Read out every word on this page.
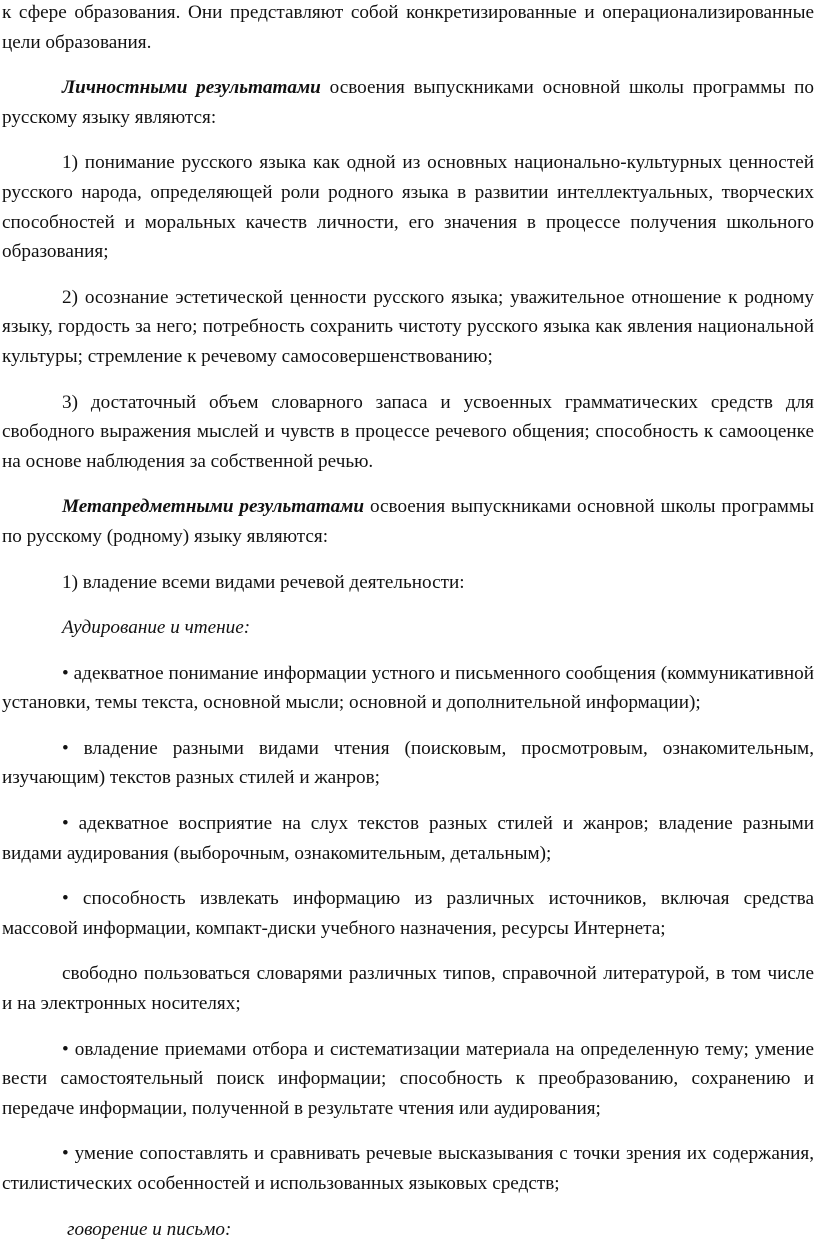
к сфере образования. Они представляют собой конкретизированные и операционализированные цели образования.

Личностными результатами освоения выпускниками основной школы программы по русскому языку являются:

1) понимание русского языка как одной из основных национально-культурных ценностей русского народа, определяющей роли родного языка в развитии интеллектуальных, творческих способностей и моральных качеств личности, его значения в процессе получения школьного образования;

2) осознание эстетической ценности русского языка; уважительное отношение к родному языку, гордость за него; потребность сохранить чистоту русского языка как явления национальной культуры; стремление к речевому самосовершенствованию;

3) достаточный объем словарного запаса и усвоенных грамматических средств для свободного выражения мыслей и чувств в процессе речевого общения; способность к самооценке на основе наблюдения за собственной речью.

Метапредметными результатами освоения выпускниками основной школы программы по русскому (родному) языку являются:

1) владение всеми видами речевой деятельности:

Аудирование и чтение:

• адекватное понимание информации устного и письменного сообщения (коммуникативной установки, темы текста, основной мысли; основной и дополнительной информации);

• владение разными видами чтения (поисковым, просмотровым, ознакомительным, изучающим) текстов разных стилей и жанров;

• адекватное восприятие на слух текстов разных стилей и жанров; владение разными видами аудирования (выборочным, ознакомительным, детальным);

• способность извлекать информацию из различных источников, включая средства массовой информации, компакт-диски учебного назначения, ресурсы Интернета;

свободно пользоваться словарями различных типов, справочной литературой, в том числе и на электронных носителях;

• овладение приемами отбора и систематизации материала на определенную тему; умение вести самостоятельный поиск информации; способность к преобразованию, сохранению и передаче информации, полученной в результате чтения или аудирования;

• умение сопоставлять и сравнивать речевые высказывания с точки зрения их содержания, стилистических особенностей и использованных языковых средств;

говорение и письмо:
